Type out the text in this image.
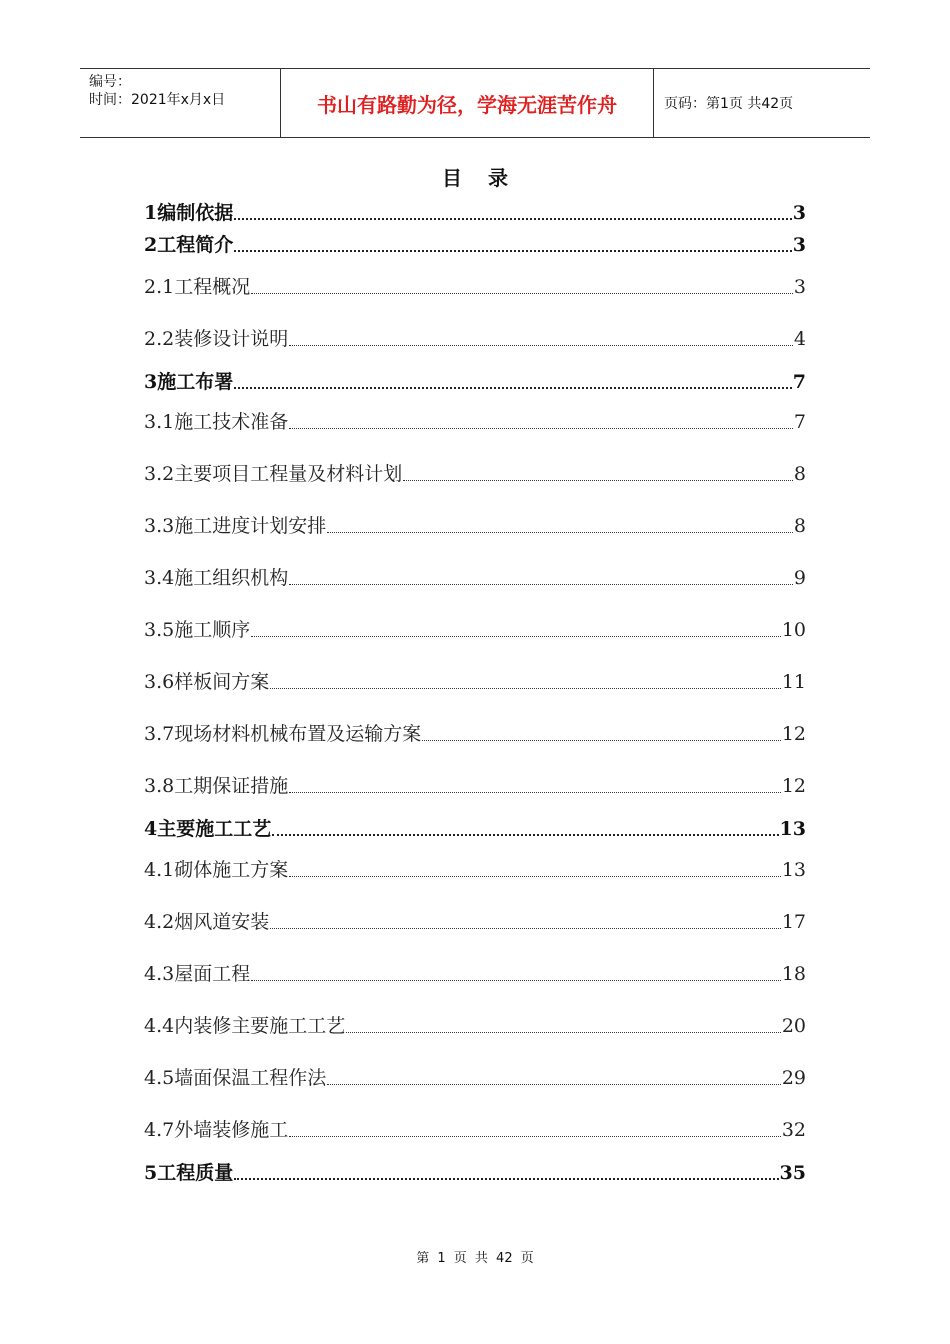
编号：
时间：2021年x月x日	书山有路勤为径，学海无涯苦作舟	页码：第1页 共42页
目录
1编制依据	3
2工程简介	3
2.1工程概况	3
2.2装修设计说明	4
3施工布署	7
3.1施工技术准备	7
3.2主要项目工程量及材料计划	8
3.3施工进度计划安排	8
3.4施工组织机构	9
3.5施工顺序	10
3.6样板间方案	11
3.7现场材料机械布置及运输方案	12
3.8工期保证措施	12
4主要施工工艺	13
4.1砌体施工方案	13
4.2烟风道安装	17
4.3屋面工程	18
4.4内装修主要施工工艺	20
4.5墙面保温工程作法	29
4.7外墙装修施工	32
5工程质量	35
第 1 页 共 42 页
